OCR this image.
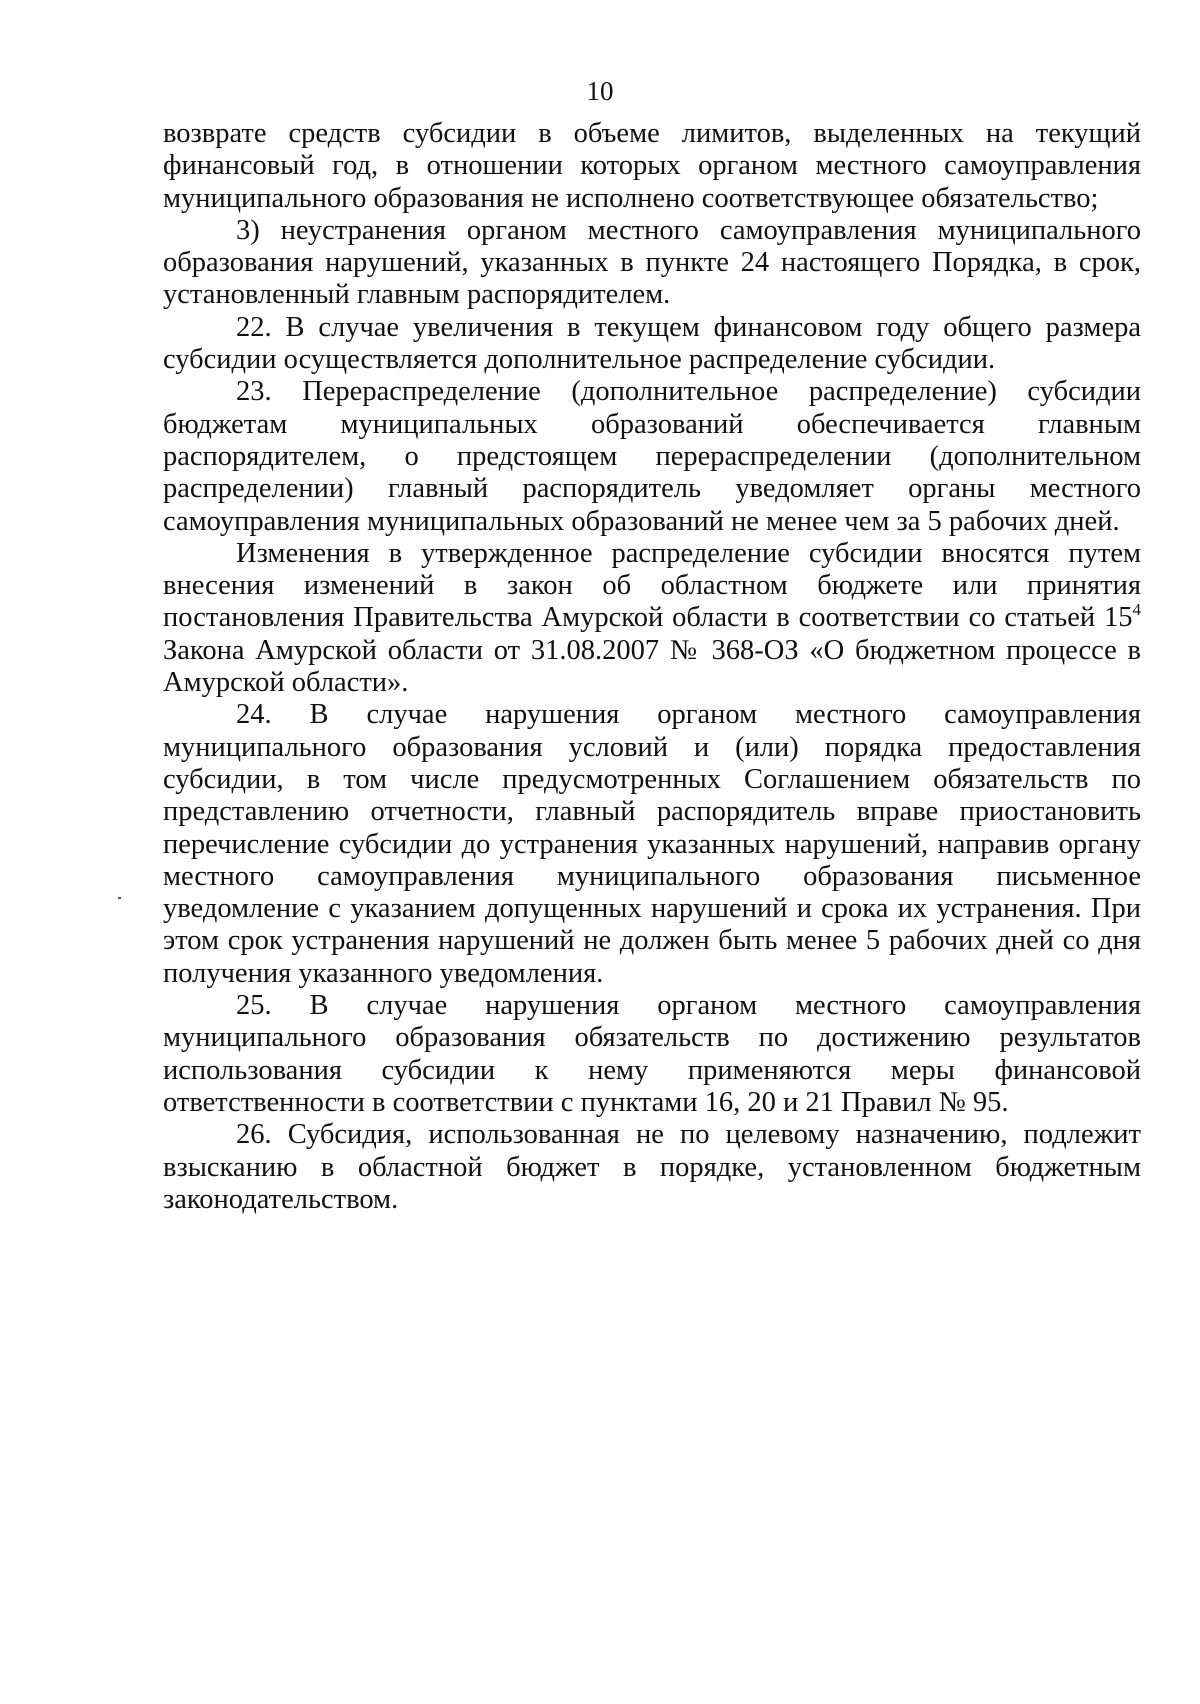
10

возврате средств субсидии в объеме лимитов, выделенных на текущий финансовый год, в отношении которых органом местного самоуправления муниципального образования не исполнено соответствующее обязательство;

3) неустранения органом местного самоуправления муниципального образования нарушений, указанных в пункте 24 настоящего Порядка, в срок, установленный главным распорядителем.

22. В случае увеличения в текущем финансовом году общего размера субсидии осуществляется дополнительное распределение субсидии.

23. Перераспределение (дополнительное распределение) субсидии бюджетам муниципальных образований обеспечивается главным распорядителем, о предстоящем перераспределении (дополнительном распределении) главный распорядитель уведомляет органы местного самоуправления муниципальных образований не менее чем за 5 рабочих дней.

Изменения в утвержденное распределение субсидии вносятся путем внесения изменений в закон об областном бюджете или принятия постановления Правительства Амурской области в соответствии со статьей $15^4$ Закона Амурской области от 31.08.2007 № 368-ОЗ «О бюджетном процессе в Амурской области».

24. В случае нарушения органом местного самоуправления муниципального образования условий и (или) порядка предоставления субсидии, в том числе предусмотренных Соглашением обязательств по представлению отчетности, главный распорядитель вправе приостановить перечисление субсидии до устранения указанных нарушений, направив органу местного самоуправления муниципального образования письменное уведомление с указанием допущенных нарушений и срока их устранения. При этом срок устранения нарушений не должен быть менее 5 рабочих дней со дня получения указанного уведомления.

25. В случае нарушения органом местного самоуправления муниципального образования обязательств по достижению результатов использования субсидии к нему применяются меры финансовой ответственности в соответствии с пунктами 16, 20 и 21 Правил № 95.

26. Субсидия, использованная не по целевому назначению, подлежит взысканию в областной бюджет в порядке, установленном бюджетным законодательством.
